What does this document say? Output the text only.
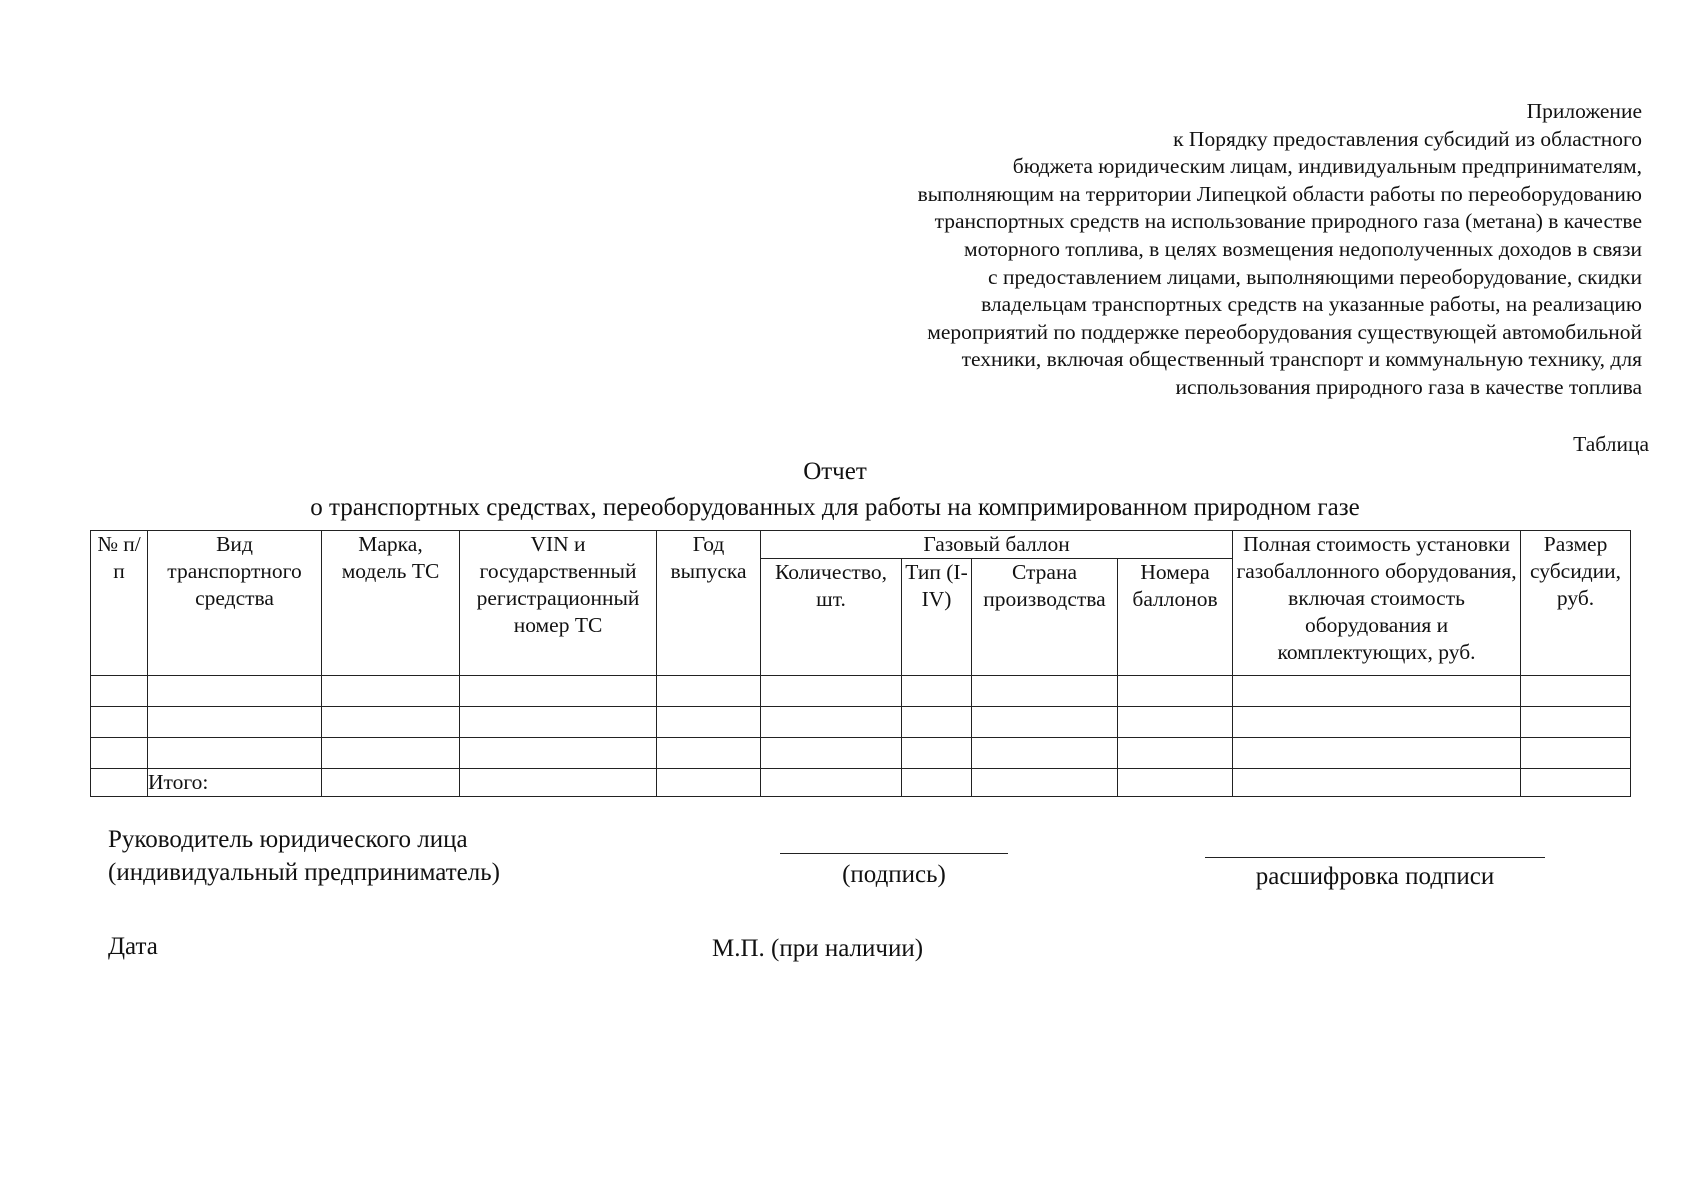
Приложение
к Порядку предоставления субсидий из областного
бюджета юридическим лицам, индивидуальным предпринимателям,
выполняющим на территории Липецкой области работы по переоборудованию
транспортных средств на использование природного газа (метана) в качестве
моторного топлива, в целях возмещения недополученных доходов в связи
с предоставлением лицами, выполняющими переоборудование, скидки
владельцам транспортных средств на указанные работы, на реализацию
мероприятий по поддержке переоборудования существующей автомобильной
техники, включая общественный транспорт и коммунальную технику, для
использования природного газа в качестве топлива
Таблица
Отчет
о транспортных средствах, переоборудованных для работы на компримированном природном газе
№ п/п	Вид транспортного средства	Марка, модель ТС	VIN и государственный регистрационный номер ТС	Год выпуска	Газовый баллон				Полная стоимость установки газобаллонного оборудования, включая стоимость оборудования и комплектующих, руб.	Размер субсидии, руб.
					Количество, шт.	Тип (I-IV)	Страна производства	Номера баллонов		

	Итого:									
Руководитель юридического лица
(индивидуальный предприниматель)	(подпись)	расшифровка подписи
Дата	М.П. (при наличии)
